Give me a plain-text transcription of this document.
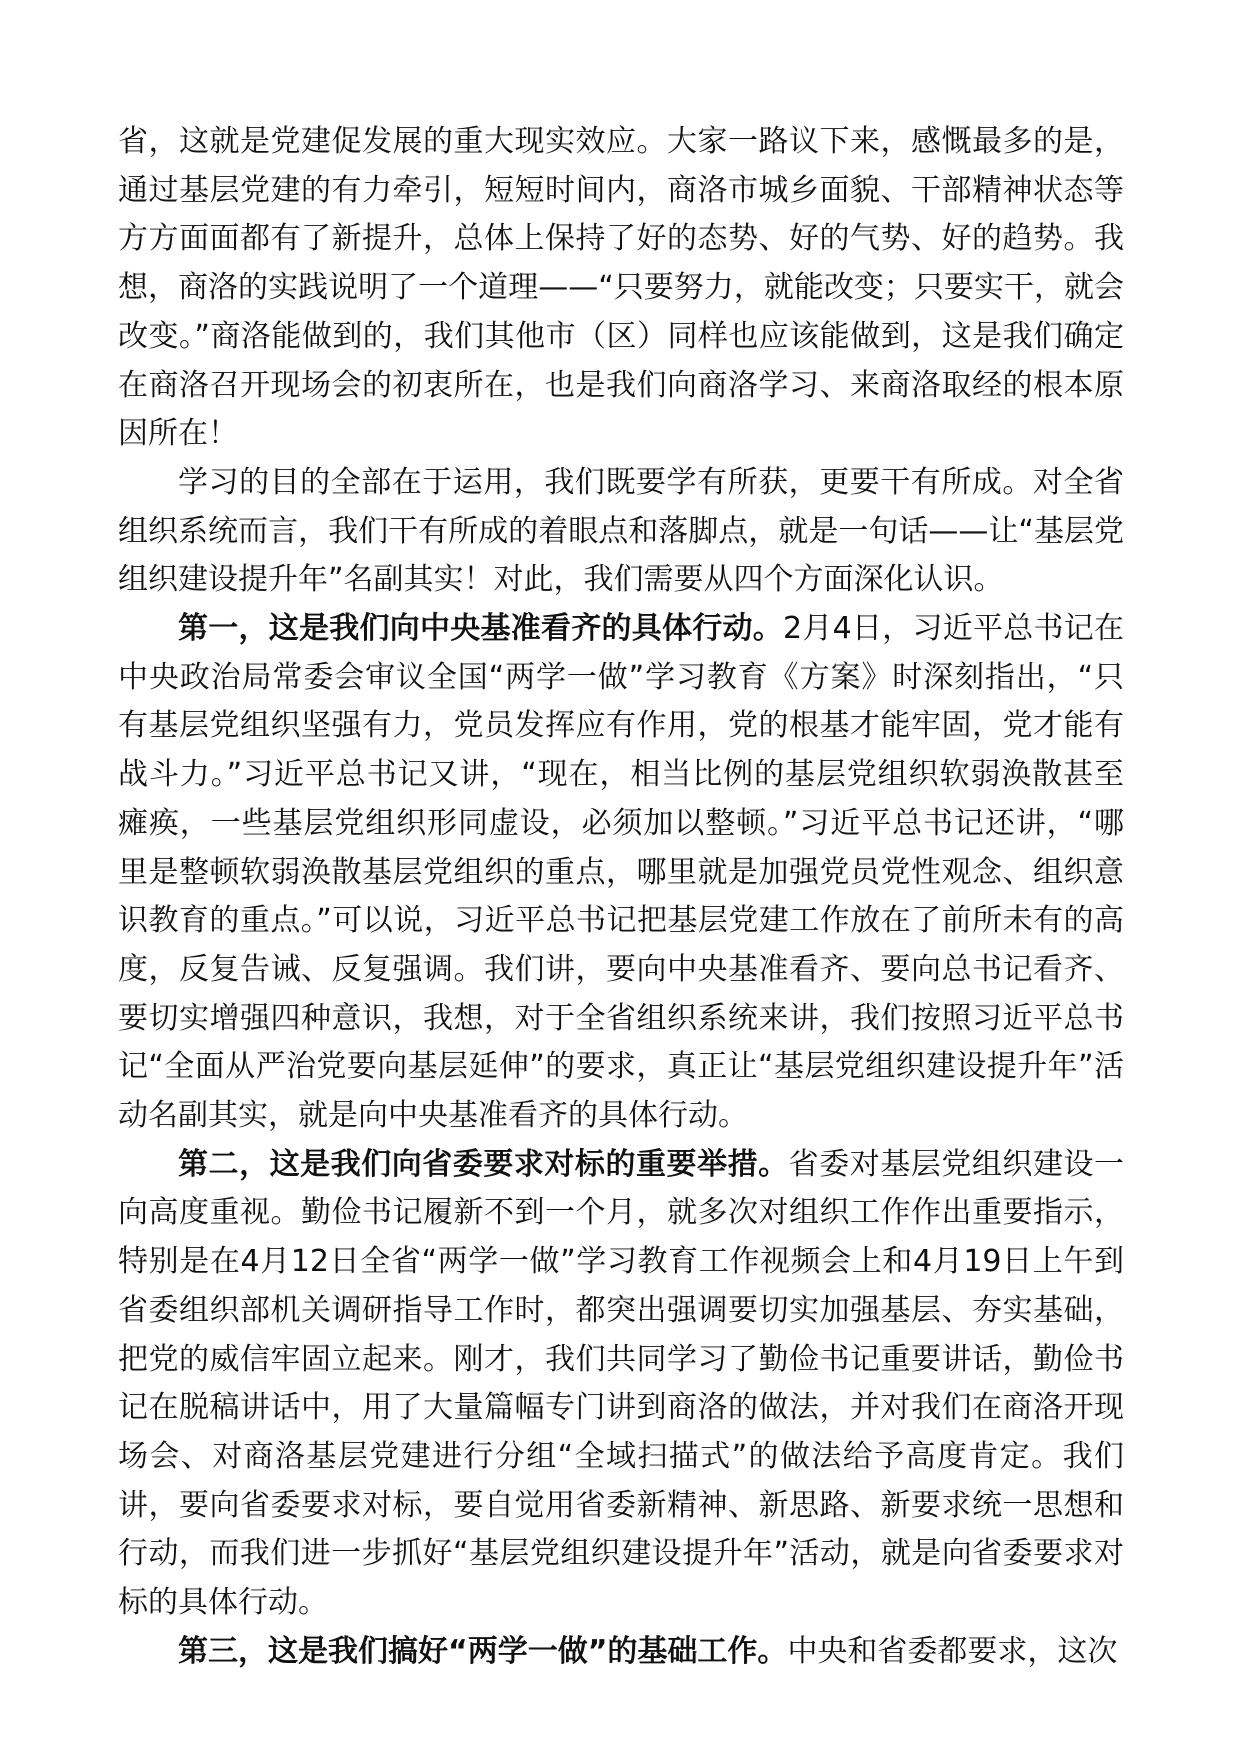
省，这就是党建促发展的重大现实效应。大家一路议下来，感慨最多的是，通过基层党建的有力牵引，短短时间内，商洛市城乡面貌、干部精神状态等方方面面都有了新提升，总体上保持了好的态势、好的气势、好的趋势。我想，商洛的实践说明了一个道理——“只要努力，就能改变；只要实干，就会改变。”商洛能做到的，我们其他市（区）同样也应该能做到，这是我们确定在商洛召开现场会的初衷所在，也是我们向商洛学习、来商洛取经的根本原因所在！

学习的目的全部在于运用，我们既要学有所获，更要干有所成。对全省组织系统而言，我们干有所成的着眼点和落脚点，就是一句话——让“基层党组织建设提升年”名副其实！对此，我们需要从四个方面深化认识。

第一，这是我们向中央基准看齐的具体行动。2月4日，习近平总书记在中央政治局常委会审议全国“两学一做”学习教育《方案》时深刻指出，“只有基层党组织坚强有力，党员发挥应有作用，党的根基才能牢固，党才能有战斗力。”习近平总书记又讲，“现在，相当比例的基层党组织软弱涣散甚至瘫痪，一些基层党组织形同虚设，必须加以整顿。”习近平总书记还讲，“哪里是整顿软弱涣散基层党组织的重点，哪里就是加强党员党性观念、组织意识教育的重点。”可以说，习近平总书记把基层党建工作放在了前所未有的高度，反复告诫、反复强调。我们讲，要向中央基准看齐、要向总书记看齐、要切实增强四种意识，我想，对于全省组织系统来讲，我们按照习近平总书记“全面从严治党要向基层延伸”的要求，真正让“基层党组织建设提升年”活动名副其实，就是向中央基准看齐的具体行动。

第二，这是我们向省委要求对标的重要举措。省委对基层党组织建设一向高度重视。勤俭书记履新不到一个月，就多次对组织工作作出重要指示，特别是在4月12日全省“两学一做”学习教育工作视频会上和4月19日上午到省委组织部机关调研指导工作时，都突出强调要切实加强基层、夯实基础，把党的威信牢固立起来。刚才，我们共同学习了勤俭书记重要讲话，勤俭书记在脱稿讲话中，用了大量篇幅专门讲到商洛的做法，并对我们在商洛开现场会、对商洛基层党建进行分组“全域扫描式”的做法给予高度肯定。我们讲，要向省委要求对标，要自觉用省委新精神、新思路、新要求统一思想和行动，而我们进一步抓好“基层党组织建设提升年”活动，就是向省委要求对标的具体行动。

第三，这是我们搞好“两学一做”的基础工作。中央和省委都要求，这次
